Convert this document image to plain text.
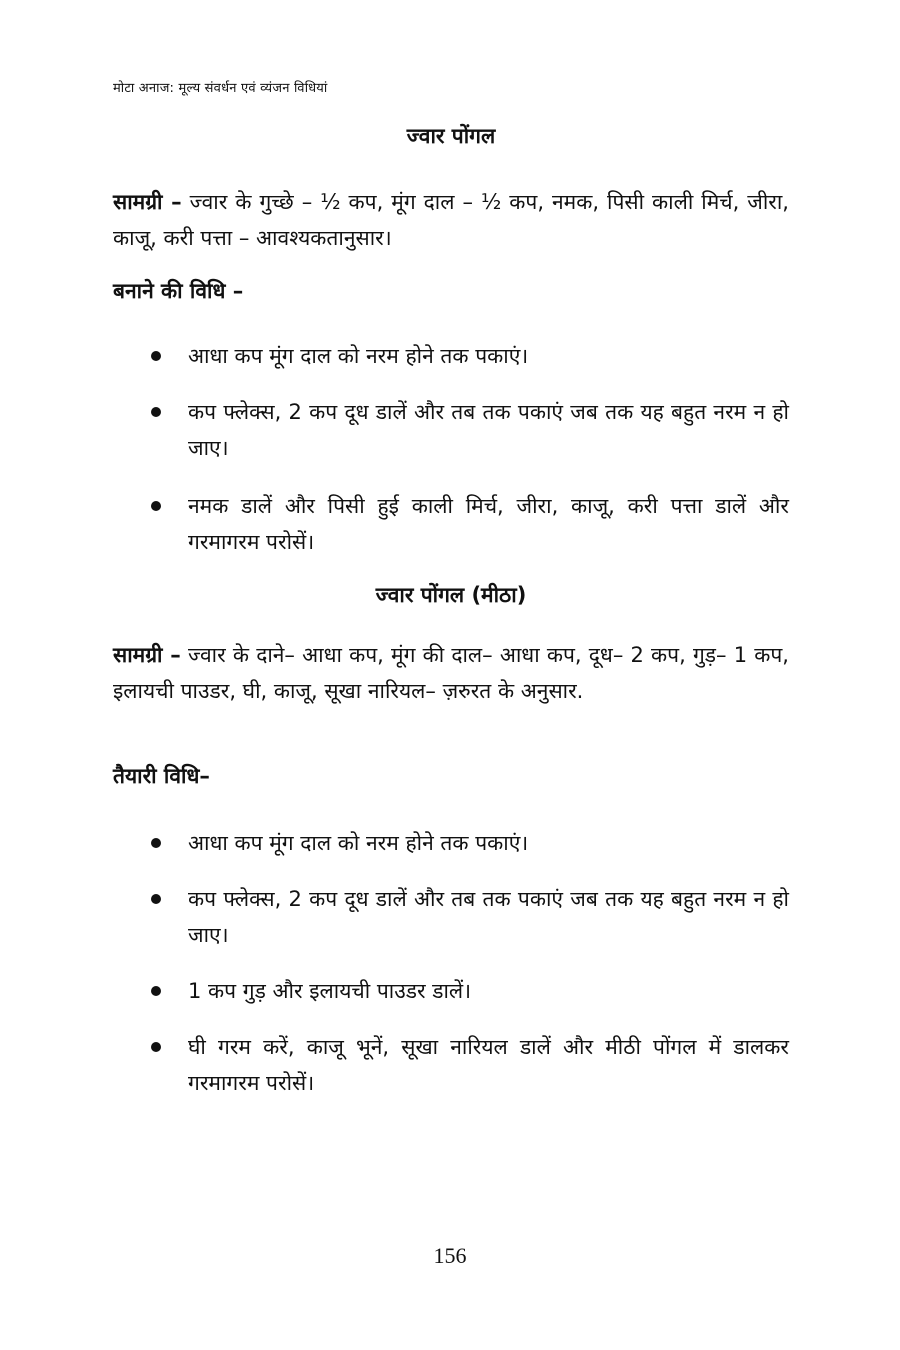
मोटा अनाज: मूल्य संवर्धन एवं व्यंजन विधियां
ज्वार पोंगल

सामग्री – ज्वार के गुच्छे – ½ कप, मूंग दाल – ½ कप, नमक, पिसी काली मिर्च, जीरा, काजू, करी पत्ता – आवश्यकतानुसार।

बनाने की विधि –

आधा कप मूंग दाल को नरम होने तक पकाएं।
कप फ्लेक्स, 2 कप दूध डालें और तब तक पकाएं जब तक यह बहुत नरम न हो जाए।
नमक डालें और पिसी हुई काली मिर्च, जीरा, काजू, करी पत्ता डालें और गरमागरम परोसें।
ज्वार पोंगल (मीठा)

सामग्री – ज्वार के दाने– आधा कप, मूंग की दाल– आधा कप, दूध– 2 कप, गुड़– 1 कप, इलायची पाउडर, घी, काजू, सूखा नारियल– ज़रुरत के अनुसार.

तैयारी विधि–

आधा कप मूंग दाल को नरम होने तक पकाएं।
कप फ्लेक्स, 2 कप दूध डालें और तब तक पकाएं जब तक यह बहुत नरम न हो जाए।
1 कप गुड़ और इलायची पाउडर डालें।
घी गरम करें, काजू भूनें, सूखा नारियल डालें और मीठी पोंगल में डालकर गरमागरम परोसें।
156
